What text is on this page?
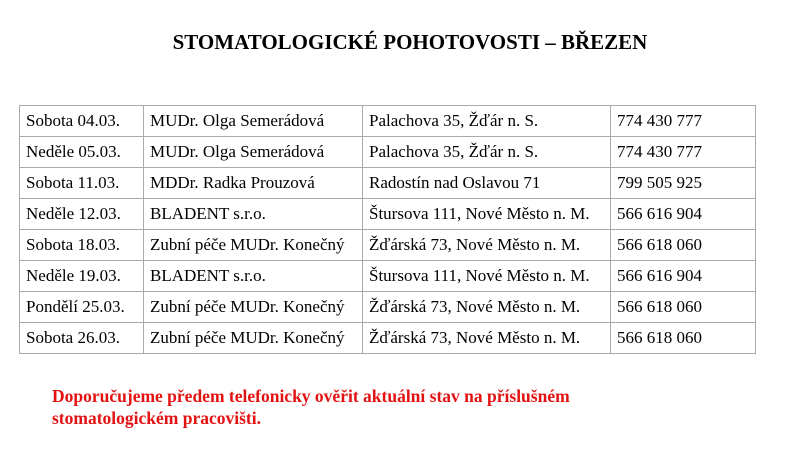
STOMATOLOGICKÉ POHOTOVOSTI – BŘEZEN
Sobota 04.03.	MUDr. Olga Semerádová	Palachova 35, Žďár n. S.	774 430 777
Neděle 05.03.	MUDr. Olga Semerádová	Palachova 35, Žďár n. S.	774 430 777
Sobota 11.03.	MDDr. Radka Prouzová	Radostín nad Oslavou 71	799 505 925
Neděle 12.03.	BLADENT s.r.o.	Štursova 111, Nové Město n. M.	566 616 904
Sobota 18.03.	Zubní péče MUDr. Konečný	Žďárská 73, Nové Město n. M.	566 618 060
Neděle 19.03.	BLADENT s.r.o.	Štursova 111, Nové Město n. M.	566 616 904
Pondělí 25.03.	Zubní péče MUDr. Konečný	Žďárská 73, Nové Město n. M.	566 618 060
Sobota 26.03.	Zubní péče MUDr. Konečný	Žďárská 73, Nové Město n. M.	566 618 060

Doporučujeme předem telefonicky ověřit aktuální stav na příslušném
stomatologickém pracovišti.
